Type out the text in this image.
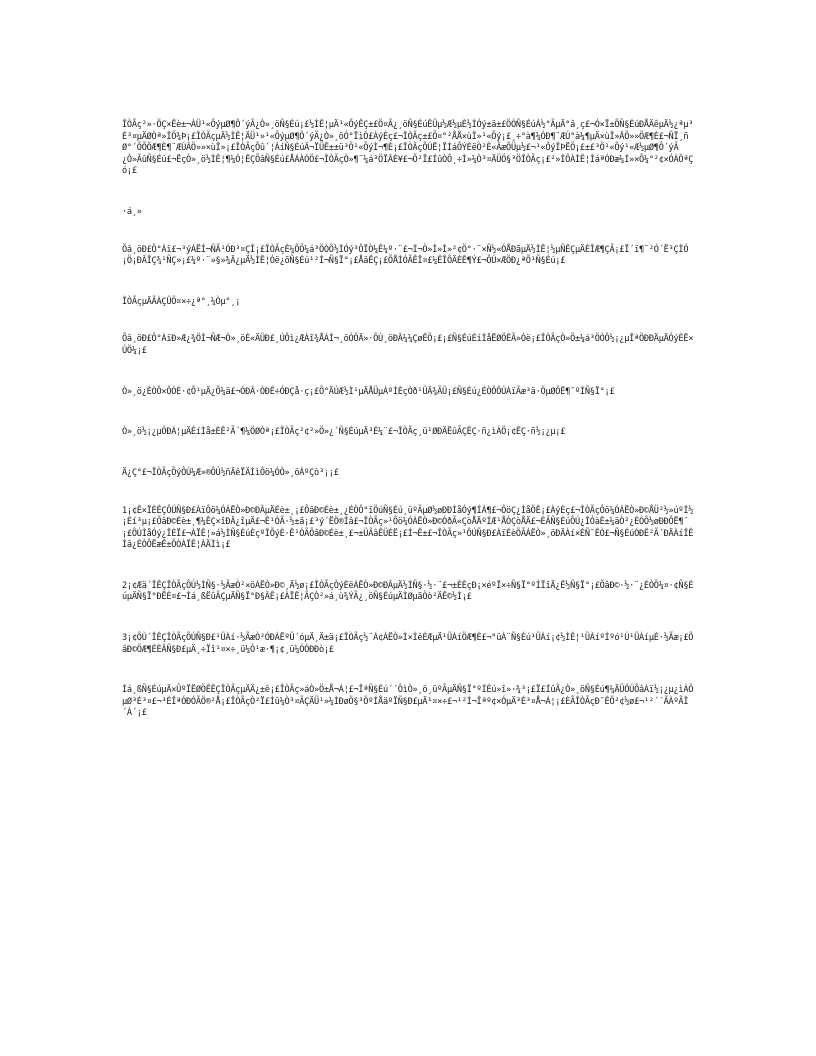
ÎÒÃç²»·ÖÇ×Êè±¬ÀÜ¹«ÕýµØ¶Ô´ýÃ¿Ò»¸öÑ§Éú¡£½ÌÊ¦µÄ¹«ÕýÊÇ±£Ö¤Ã¿¸öÑ§ÉúÊÜµ½Æ½µÈ½ÌÓý±ä±£ÖÓÑ§ÉúÁ½°ÃµÄ°â¸ç£¬Ó×Ï±ÕÑ§ÉúÐÅÄêµÄ½¿ªµ³É³¤µÄØÒª»ÎÕ¾Þ¡£ÎÒÃçµÄ½ÌÊ¦ÄÜ¹»¹«ÕýµØ¶Ô´ýÃ¿Ò»¸öÓ°ÏìÓ£ÀýÈç£¬ÎÒÃç±£Ö¤°²ÅÅ×ùÎ»¹«Õý¡£¸÷°à¶¼ÓÐ¶¨ÆÚ°à¼¶µÄ×ùÎ»ÂÖ»»ÖÆ¶È£¬ÑÏ¸ñØ°´ÕÕÖÆ¶È¶¨ÆÚÂÖ»»×ùÎ»¡£ÎÒÃçÕû´¦ÀíÑ§ÉúÂ¬ÏÜÊ±±ü³Ö¹«ÕýÌ¬¶È¡£ÎÒÃçÔÚË¦ÏÌáÕÝÈëÒ²È«ÃæÕÜµ½£¬¹«ÕýÎÞËÖ¡£±£³Ö¹«Õý¹«Æ½µØ¶Ô´ýÃ¿Ò»ÃûÑ§Éú£¬ËçÒ»¸ö½ÌÊ¦¶¼Ó¦ÊÇÕâÑ§Éú£ÅÁÀÓÖ£¬ÎÒÃçÒ»¶¨¼á³ÖÏÂÈ¥£¬Õ²Î£ÍûÒÔ¸÷Ì»¼Ò³¤ÄÜÖ§³ÖÎÒÃç¡£²»ÌÔÀÌÊ¦ÌáªÓÐæ¼Ì»×Õ¼°²¢×ÓÀÖªÇó¡£

·á¸»

Õâ¸öÐ£Ô°Àï£¬³ýÁËÍ¬ÑÃ¹ÓÐ³¤ÇÎ¡£ÎÒÃçÊ¼ÕÕ¼á³ÖÒÔ½ÌÓý³ÔÏÒ¼Ê¼º·¨£¬Ì¬Ò»Ì»Ì»²¢Ö°·¨×Ñ½«ÓÅÐãµÄ½ÌÊ¦½µÑÊÇµÄÈÎÆ¶ÇÃ¡£Ï´ï¶¨²Ó´Ë³ÇÌÓ¡Ö¡ÐÂÎÇ¾¹ÑÇ»¡£¼º·¨»§»¾Ä¿µÄ½ÌÊ¦Óë¿õÑ§Éú¹²Í¬Ñ§Ï°¡£ÅäÊÇ¡£ÕÅÌÓÃÊÎ¤£¼ÊÎÔÄÈÊ¶Ý£¬ÔÚ×ÆÖÐ¿ªÕ¹Ñ§Éú¡£

ÎÒÃçµÄÃÀÇÜÖ¤×÷¿ª°¸¼Òµ°¸¡

Õâ¸öÐ£Ô°ÀïÐ»Æ¿¾ÖÍ¬ÑÆ¬Ò»¸öÈ«ÄÜÐ£¸ÚÔì¿ÆÀî¾ÅÁÍ¬¸öÓÖÄ»·ÕÙ¸öÐÂ¼¼ÇøÊÖ¡£¡£Ñ§ÉúÉíÌåËØÖÊÃ»Óë¡£ÎÒÃçÒ»Ö±¼á³ÖÒÔ½¡¿µÎªÖÐÐÄµÄÓýÈË×ÚÖ¼¡£

Ò»¸ö¿ÉÒÔ×ÔÓÉ·¢Õ¹µÄ¿Õ¼ä£¬ÓÐÂ·ÓÐÊ÷ÓÐÇå·ç¡£Ô°ÄÚÆ½Ì¹µÄÅÜµÀºÍÈçÒð¹ÜÄ¾ÃÜ¡£Ñ§Éú¿ÉÒÔÔÚÀïÃæ³ä·ÖµØÔË¶¯ºÍÑ§Ï°¡£

Ò»¸ö½¡¿µÓÐÁ¦µÄÉíÌå±ÈÊ²Ã´¶¼ÖØÒª¡£ÎÒÃç²¢²»Ö»¿´Ñ§ÉúµÄ³É¼¨£¬ÎÒÃç¸ü¹ØÐÄËûÃÇÊÇ·ñ¿ìÀÖ¡¢ÊÇ·ñ½¡¿µ¡£

Ä¿Ç°£¬ÎÒÃçÕýÔÚ¼Æ»®ÔÚ½ñÄêÏÄÌìÔö¼ÓÒ»¸öÀºÇò³¡¡£

1¡¢Ê×ÏÈÊÇÔÚÑ§Ð£ÀïÔö¼ÓÁËÒ»Ð©ÐÂµÄÉè±¸¡£ÕâÐ©Éè±¸¿ÉÒÔ°ïÖúÑ§Éú¸üºÃµØ½øÐÐÌåÓý¶ÍÁ¶£¬ÔöÇ¿ÌåÖÊ¡£ÀýÈç£¬ÎÒÃçÔö¼ÓÁËÒ»Ð©ÅÜ²½»úºÍ½¡Éí³µ¡£ÕâÐ©Éè±¸¶¼ÊÇ×îÐÂ¿îµÄ£¬Ê¹ÓÃ·½±ã¡£³ý´ËÖ®Íâ£¬ÎÒÃç»¹Ôö¼ÓÁËÒ»Ð©ÓðÃ«ÇòÅÄºÍÆ¹ÅÒÇòÅÄ£¬ÈÃÑ§ÉúÔÚ¿ÎÓàÊ±¼äÒ²¿ÉÒÔ½øÐÐÔË¶¯¡£ÔÚÌåÓý¿ÎÉÏ£¬ÀÏÊ¦»á½ÌÑ§ÉúÈçºÎÕýÈ·Ê¹ÓÃÕâÐ©Éè±¸£¬±ÜÃâÊÜÉË¡£Í¬Ê±£¬ÎÒÃç»¹ÔÚÑ§Ð£ÀïÉèÖÃÁËÒ»¸öÐÄÀí×ÉÑ¯ÊÒ£¬Ñ§ÉúÓÐÊ²Ã´ÐÄÀíÎÊÌâ¿ÉÒÔËæÊ±ÕÒÀÏÊ¦ÁÄÌì¡£

2¡¢Æä´ÎÊÇÎÒÃçÔÚ½ÌÑ§·½ÃæÒ²×öÁËÒ»Ð©¸Ä½ø¡£ÎÒÃçÒýÈëÁËÒ»Ð©ÐÂµÄ½ÌÑ§·½·¨£¬±ÈÈçÐ¡×éºÏ×÷Ñ§Ï°ºÍÏîÄ¿Ê½Ñ§Ï°¡£ÕâÐ©·½·¨¿ÉÒÔ¼¤·¢Ñ§ÉúµÄÑ§Ï°ÐËÈ¤£¬Ìá¸ßËûÃÇµÄÑ§Ï°Ð§ÂÊ¡£ÀÏÊ¦ÃÇÒ²»á¸ù¾ÝÃ¿¸öÑ§ÉúµÄÌØµãÒò²ÄÊ©½Ì¡£

3¡¢ÔÙ´ÎÊÇÎÒÃçÔÚÑ§Ð£¹ÜÀí·½ÃæÒ²ÓÐÁËºÜ´óµÄ¸Ä±ä¡£ÎÒÃç½¨Á¢ÁËÒ»Ì×ÍêÉÆµÄ¹ÜÀíÖÆ¶È£¬°üÀ¨Ñ§Éú¹ÜÀí¡¢½ÌÊ¦¹ÜÀíºÍºó¹Ú¹ÜÀíµÈ·½Ãæ¡£ÕâÐ©ÖÆ¶ÈÈÃÑ§Ð£µÄ¸÷Ïî¹¤×÷¸ü¼Ó¹æ·¶¡¢¸ü¼ÓÓÐÐò¡£

Ìá¸ßÑ§ÉúµÄ×ÛºÏËØÖÊÊÇÎÒÃçµÄÄ¿±ê¡£ÎÒÃç»áÒ»Ö±Å¬Á¦£¬ÎªÑ§Éú´´ÔìÒ»¸ö¸üºÃµÄÑ§Ï°ºÍÉú»î»·¾³¡£Ï£ÍûÃ¿Ò»¸öÑ§Éú¶¼ÄÜÔÚÕâÀï½¡¿µ¿ìÀÖµØ³É³¤£¬³ÉÎªÓÐÓÃÖ®²Å¡£ÎÒÃçÒ²Ï£Íû¼Ò³¤ÃÇÄÜ¹»¼ÌÐøÖ§³ÖºÍÅäºÏÑ§Ð£µÄ¹¤×÷£¬¹²Í¬Îªº¢×ÓµÄ³É³¤Å¬Á¦¡£ÈÃÎÒÃçÐ¯ÊÖ²¢½ø£¬¹²´´ÃÀºÃÎ´À´¡£
